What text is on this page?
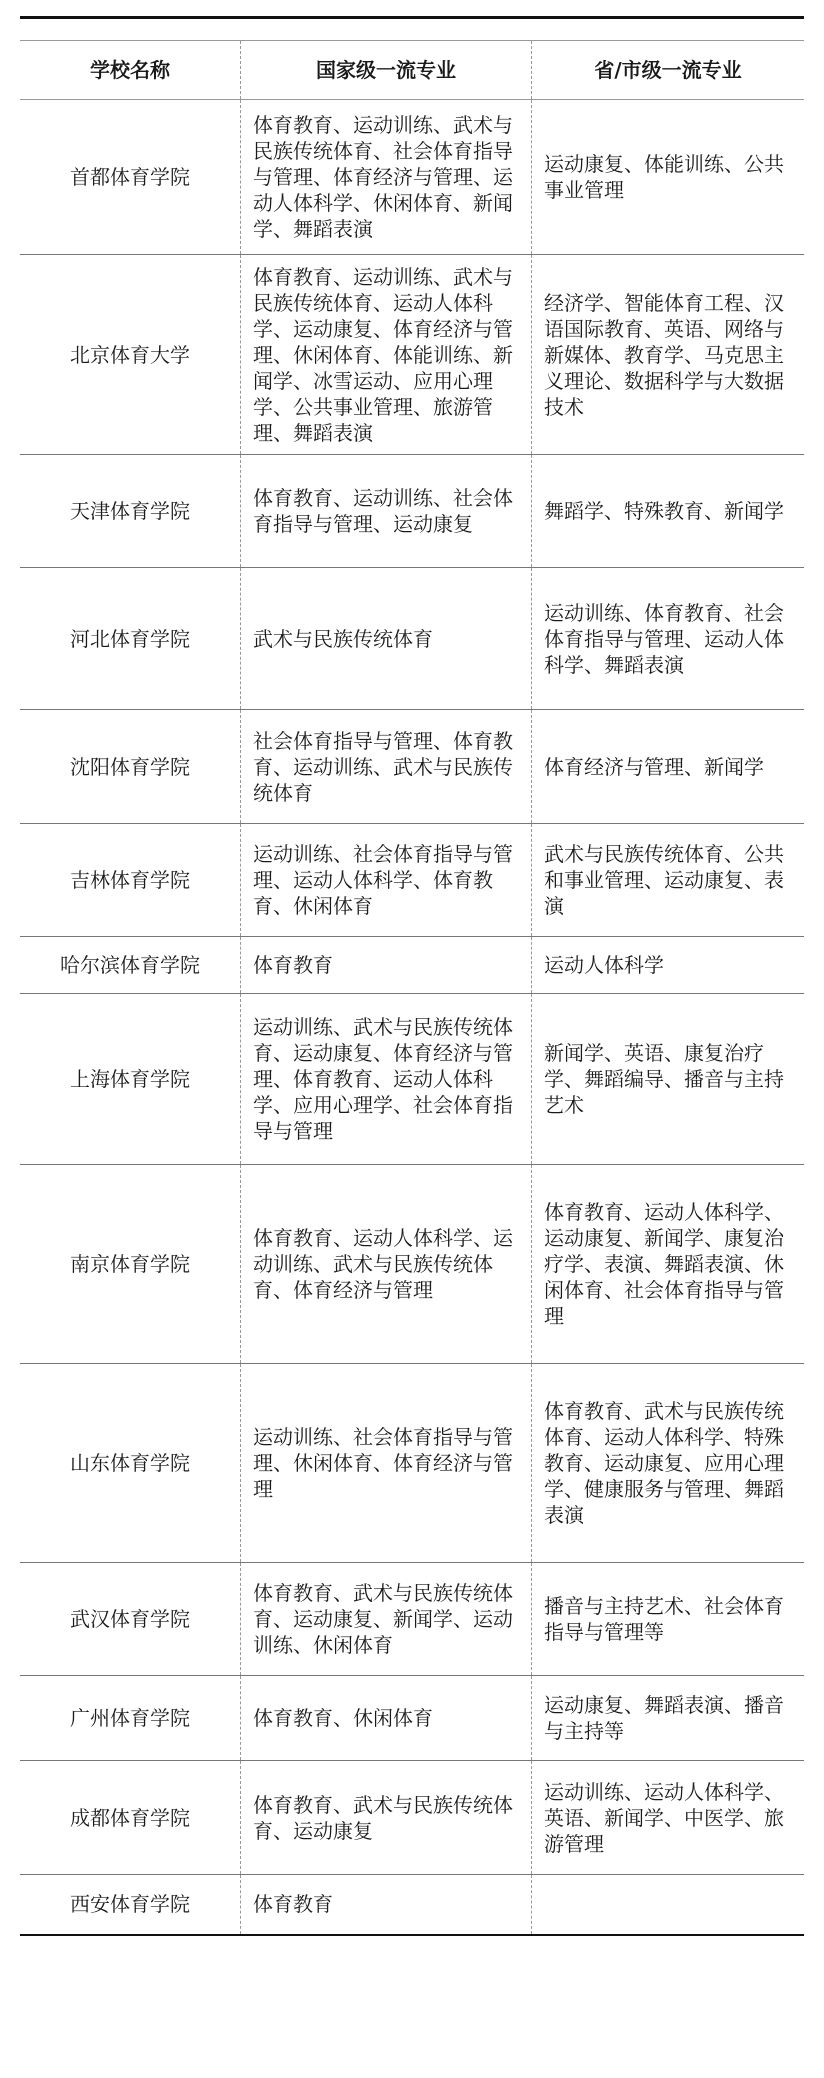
学校名称	国家级一流专业	省/市级一流专业
首都体育学院	体育教育、运动训练、武术与民族传统体育、社会体育指导与管理、体育经济与管理、运动人体科学、休闲体育、新闻学、舞蹈表演	运动康复、体能训练、公共事业管理
北京体育大学	体育教育、运动训练、武术与民族传统体育、运动人体科学、运动康复、体育经济与管理、休闲体育、体能训练、新闻学、冰雪运动、应用心理学、公共事业管理、旅游管理、舞蹈表演	经济学、智能体育工程、汉语国际教育、英语、网络与新媒体、教育学、马克思主义理论、数据科学与大数据技术
天津体育学院	体育教育、运动训练、社会体育指导与管理、运动康复	舞蹈学、特殊教育、新闻学
河北体育学院	武术与民族传统体育	运动训练、体育教育、社会体育指导与管理、运动人体科学、舞蹈表演
沈阳体育学院	社会体育指导与管理、体育教育、运动训练、武术与民族传统体育	体育经济与管理、新闻学
吉林体育学院	运动训练、社会体育指导与管理、运动人体科学、体育教育、休闲体育	武术与民族传统体育、公共和事业管理、运动康复、表演
哈尔滨体育学院	体育教育	运动人体科学
上海体育学院	运动训练、武术与民族传统体育、运动康复、体育经济与管理、体育教育、运动人体科学、应用心理学、社会体育指导与管理	新闻学、英语、康复治疗学、舞蹈编导、播音与主持艺术
南京体育学院	体育教育、运动人体科学、运动训练、武术与民族传统体育、体育经济与管理	体育教育、运动人体科学、运动康复、新闻学、康复治疗学、表演、舞蹈表演、休闲体育、社会体育指导与管理
山东体育学院	运动训练、社会体育指导与管理、休闲体育、体育经济与管理	体育教育、武术与民族传统体育、运动人体科学、特殊教育、运动康复、应用心理学、健康服务与管理、舞蹈表演
武汉体育学院	体育教育、武术与民族传统体育、运动康复、新闻学、运动训练、休闲体育	播音与主持艺术、社会体育指导与管理等
广州体育学院	体育教育、休闲体育	运动康复、舞蹈表演、播音与主持等
成都体育学院	体育教育、武术与民族传统体育、运动康复	运动训练、运动人体科学、英语、新闻学、中医学、旅游管理
西安体育学院	体育教育	
